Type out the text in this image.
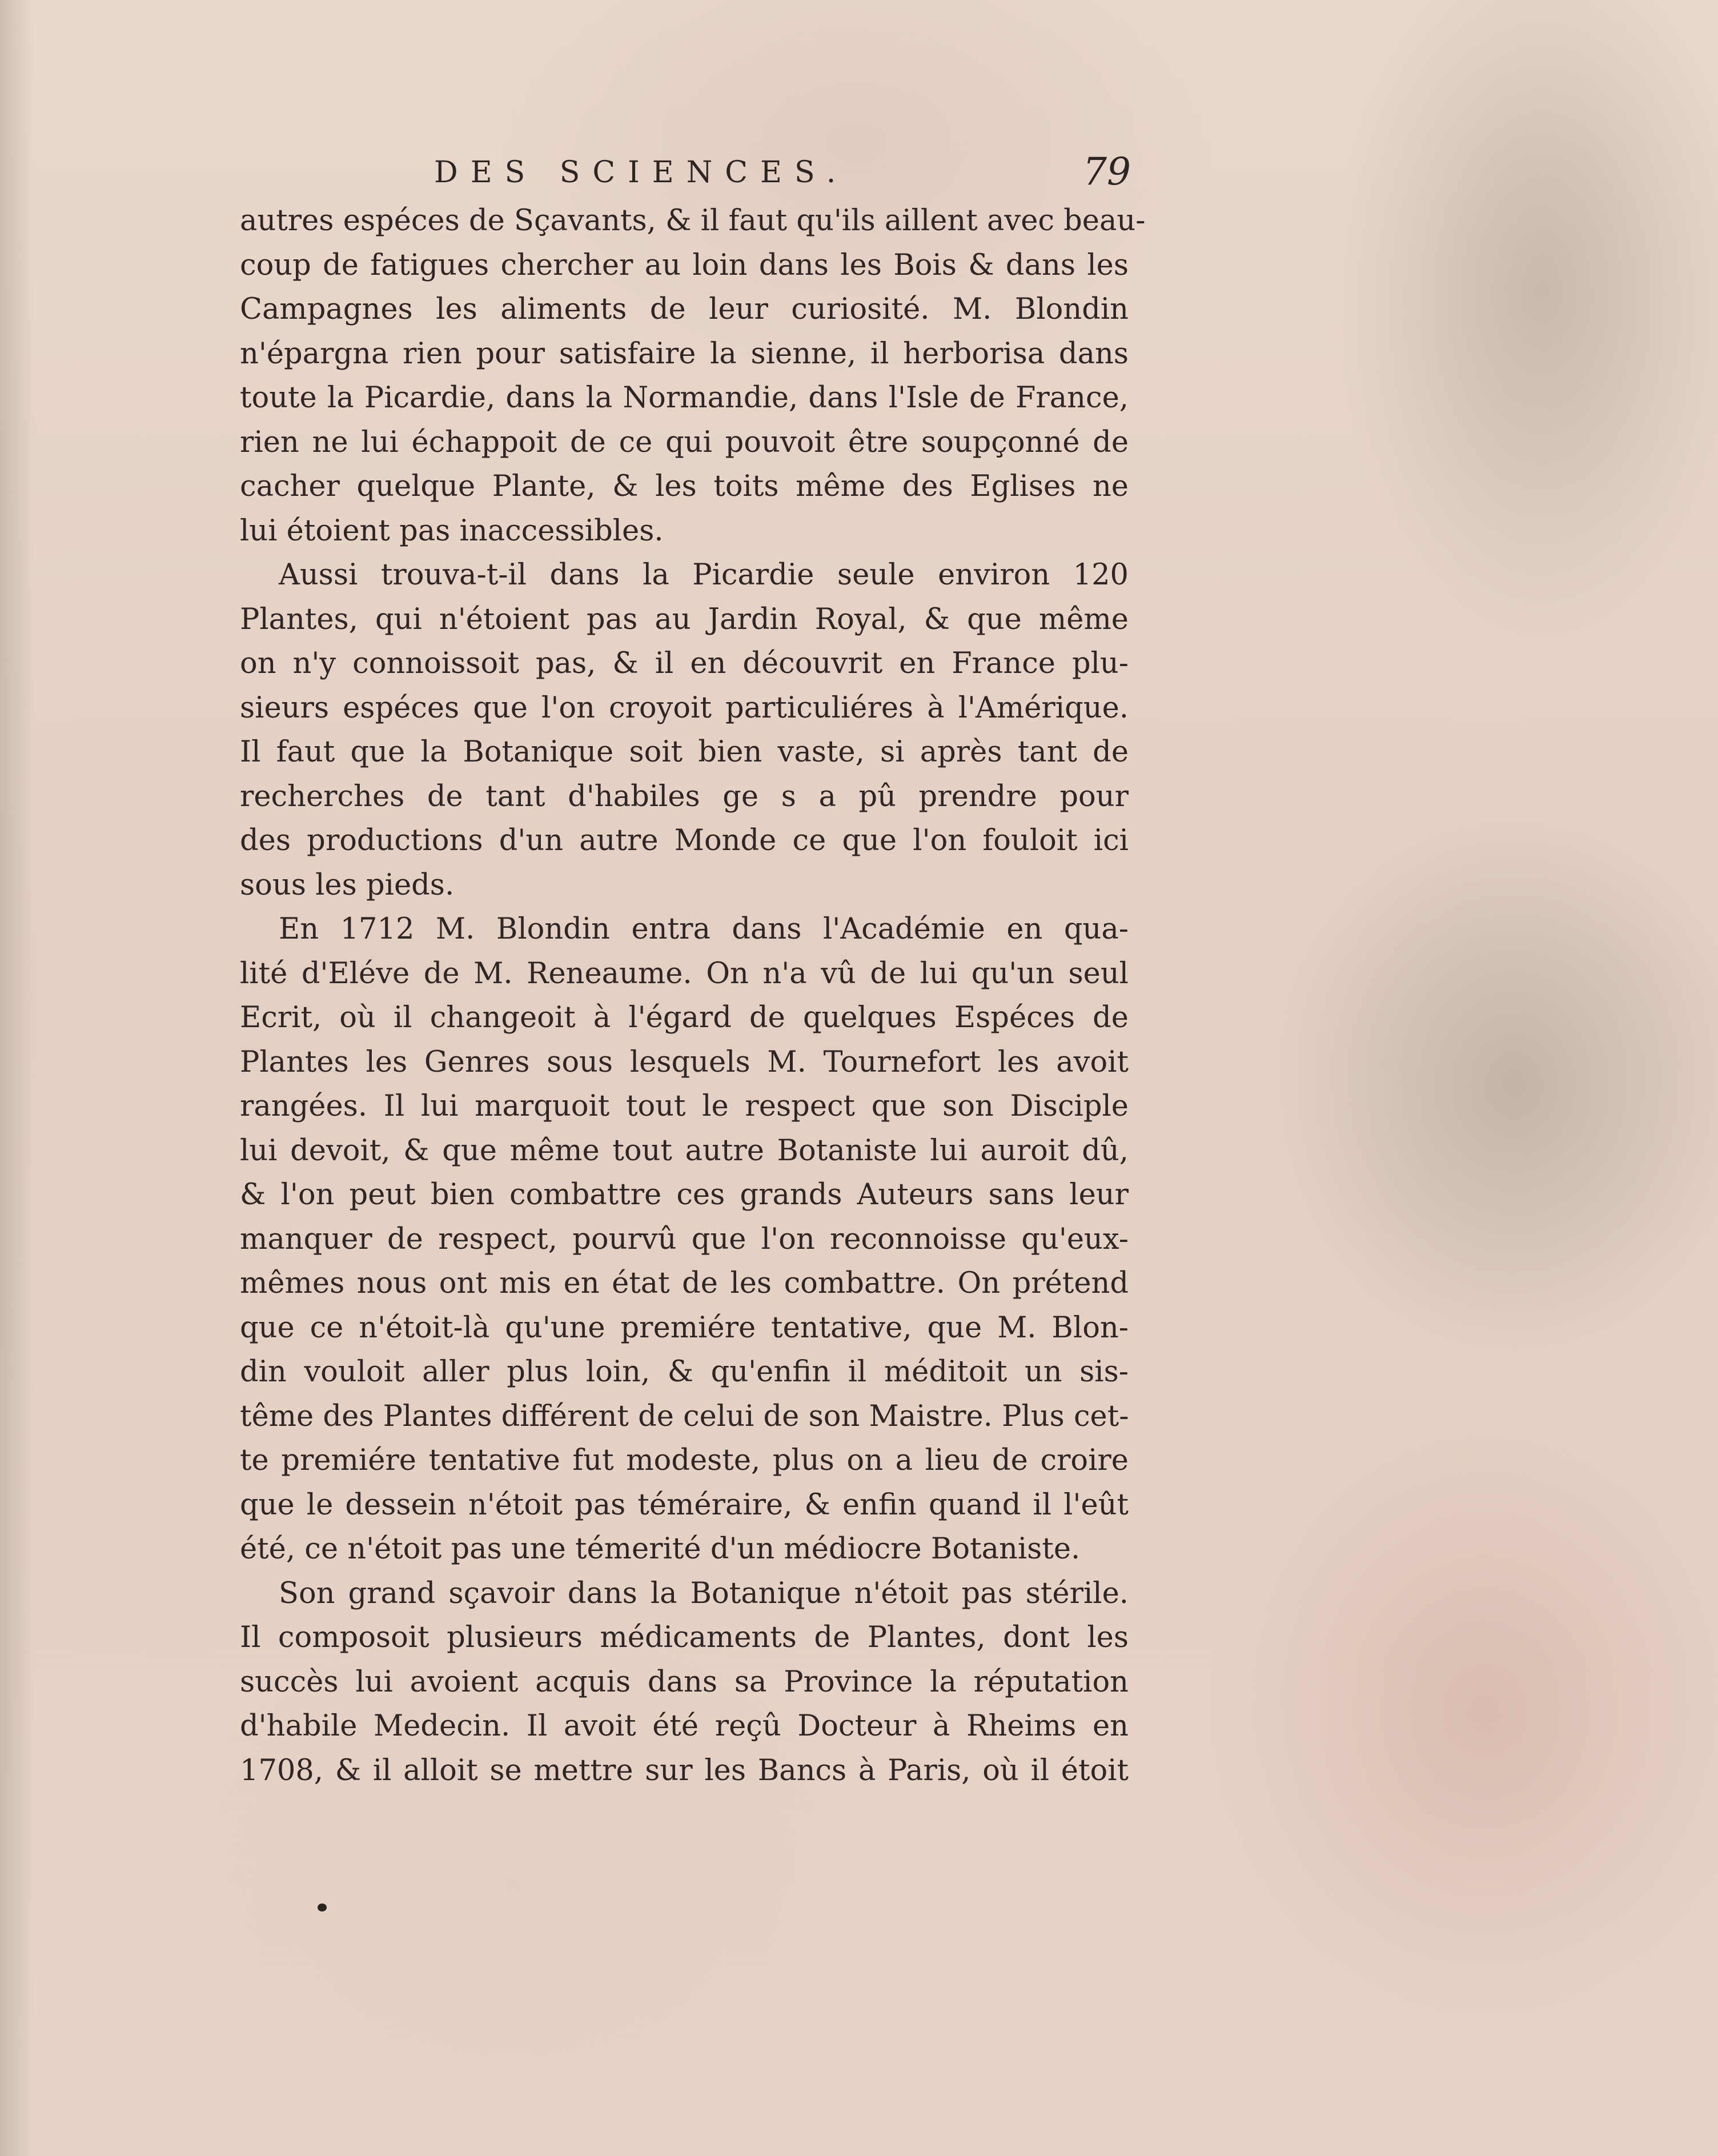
DES SCIENCES.	79
autres espéces de Sçavants, & il faut qu'ils aillent avec beau-
coup de fatigues chercher au loin dans les Bois & dans les
Campagnes les aliments de leur curiosité. M. Blondin
n'épargna rien pour satisfaire la sienne, il herborisa dans
toute la Picardie, dans la Normandie, dans l'Isle de France,
rien ne lui échappoit de ce qui pouvoit être soupçonné de
cacher quelque Plante, & les toits même des Eglises ne
lui étoient pas inaccessibles.
Aussi trouva-t-il dans la Picardie seule environ 120
Plantes, qui n'étoient pas au Jardin Royal, & que même
on n'y connoissoit pas, & il en découvrit en France plu-
sieurs espéces que l'on croyoit particuliéres à l'Amérique.
Il faut que la Botanique soit bien vaste, si après tant de
recherches de tant d'habiles ge s a pû prendre pour
des productions d'un autre Monde ce que l'on fouloit ici
sous les pieds.
En 1712 M. Blondin entra dans l'Académie en qua-
lité d'Eléve de M. Reneaume. On n'a vû de lui qu'un seul
Ecrit, où il changeoit à l'égard de quelques Espéces de
Plantes les Genres sous lesquels M. Tournefort les avoit
rangées. Il lui marquoit tout le respect que son Disciple
lui devoit, & que même tout autre Botaniste lui auroit dû,
& l'on peut bien combattre ces grands Auteurs sans leur
manquer de respect, pourvû que l'on reconnoisse qu'eux-
mêmes nous ont mis en état de les combattre. On prétend
que ce n'étoit-là qu'une premiére tentative, que M. Blon-
din vouloit aller plus loin, & qu'enfin il méditoit un sis-
tême des Plantes différent de celui de son Maistre. Plus cet-
te premiére tentative fut modeste, plus on a lieu de croire
que le dessein n'étoit pas téméraire, & enfin quand il l'eût
été, ce n'étoit pas une témerité d'un médiocre Botaniste.
Son grand sçavoir dans la Botanique n'étoit pas stérile.
Il composoit plusieurs médicaments de Plantes, dont les
succès lui avoient acquis dans sa Province la réputation
d'habile Medecin. Il avoit été reçû Docteur à Rheims en
1708, & il alloit se mettre sur les Bancs à Paris, où il étoit
